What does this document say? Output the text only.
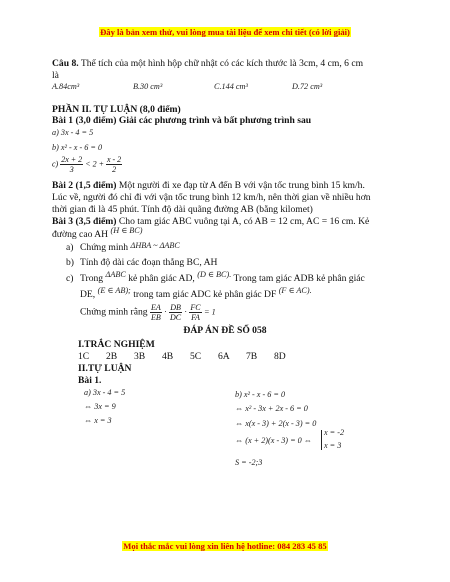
Đây là bản xem thử, vui lòng mua tài liệu để xem chi tiết (có lời giải)
Câu 8. Thể tích của một hình hộp chữ nhật có các kích thước là 3cm, 4 cm, 6 cm
là
A.84cm³	B.30 cm³	C.144 cm³	D.72 cm³
PHẦN II. TỰ LUẬN (8,0 điểm)
Bài 1 (3,0 điểm) Giải các phương trình và bất phương trình sau
a) 3x - 4 = 5
b) x² - x - 6 = 0
$c) \frac{2x + 2}{3} < 2 + \frac{x - 2}{2}$
Bài 2 (1,5 điểm) Một người đi xe đạp từ A đến B với vận tốc trung bình 15 km/h.
Lúc về, người đó chỉ đi với vận tốc trung bình 12 km/h, nên thời gian về nhiều hơn
thời gian đi là 45 phút. Tính độ dài quãng đường AB (bằng kilomet)
Bài 3 (3,5 điểm) Cho tam giác ABC vuông tại A, có AB = 12 cm, AC = 16 cm. Kẻ
đường cao AH (H ∈ BC)
a) Chứng minh ΔHBA ~ ΔABC
b) Tính độ dài các đoạn thẳng BC, AH
c) Trong ΔABC kẻ phân giác AD, (D ∈ BC). Trong tam giác ADB kẻ phân giác
DE, (E ∈ AB); trong tam giác ADC kẻ phân giác DF (F ∈ AC).
Chứng minh rằng $\frac{EA}{EB} \cdot \frac{DB}{DC} \cdot \frac{FC}{FA} = 1$
ĐÁP ÁN ĐỀ SỐ 058
I.TRẮC NGHIỆM
1C 2B 3B 4B 5C 6A 7B 8D
II.TỰ LUẬN
Bài 1.
a) 3x - 4 = 5
⇔ 3x = 9
⇔ x = 3
b) x² - x - 6 = 0
⇔ x² - 3x + 2x - 6 = 0
⇔ x(x - 3) + 2(x - 3) = 0
⇔ (x + 2)(x - 3) = 0 ⇔
x = -2
x = 3
S = -2;3
Mọi thắc mắc vui lòng xin liên hệ hotline: 084 283 45 85
